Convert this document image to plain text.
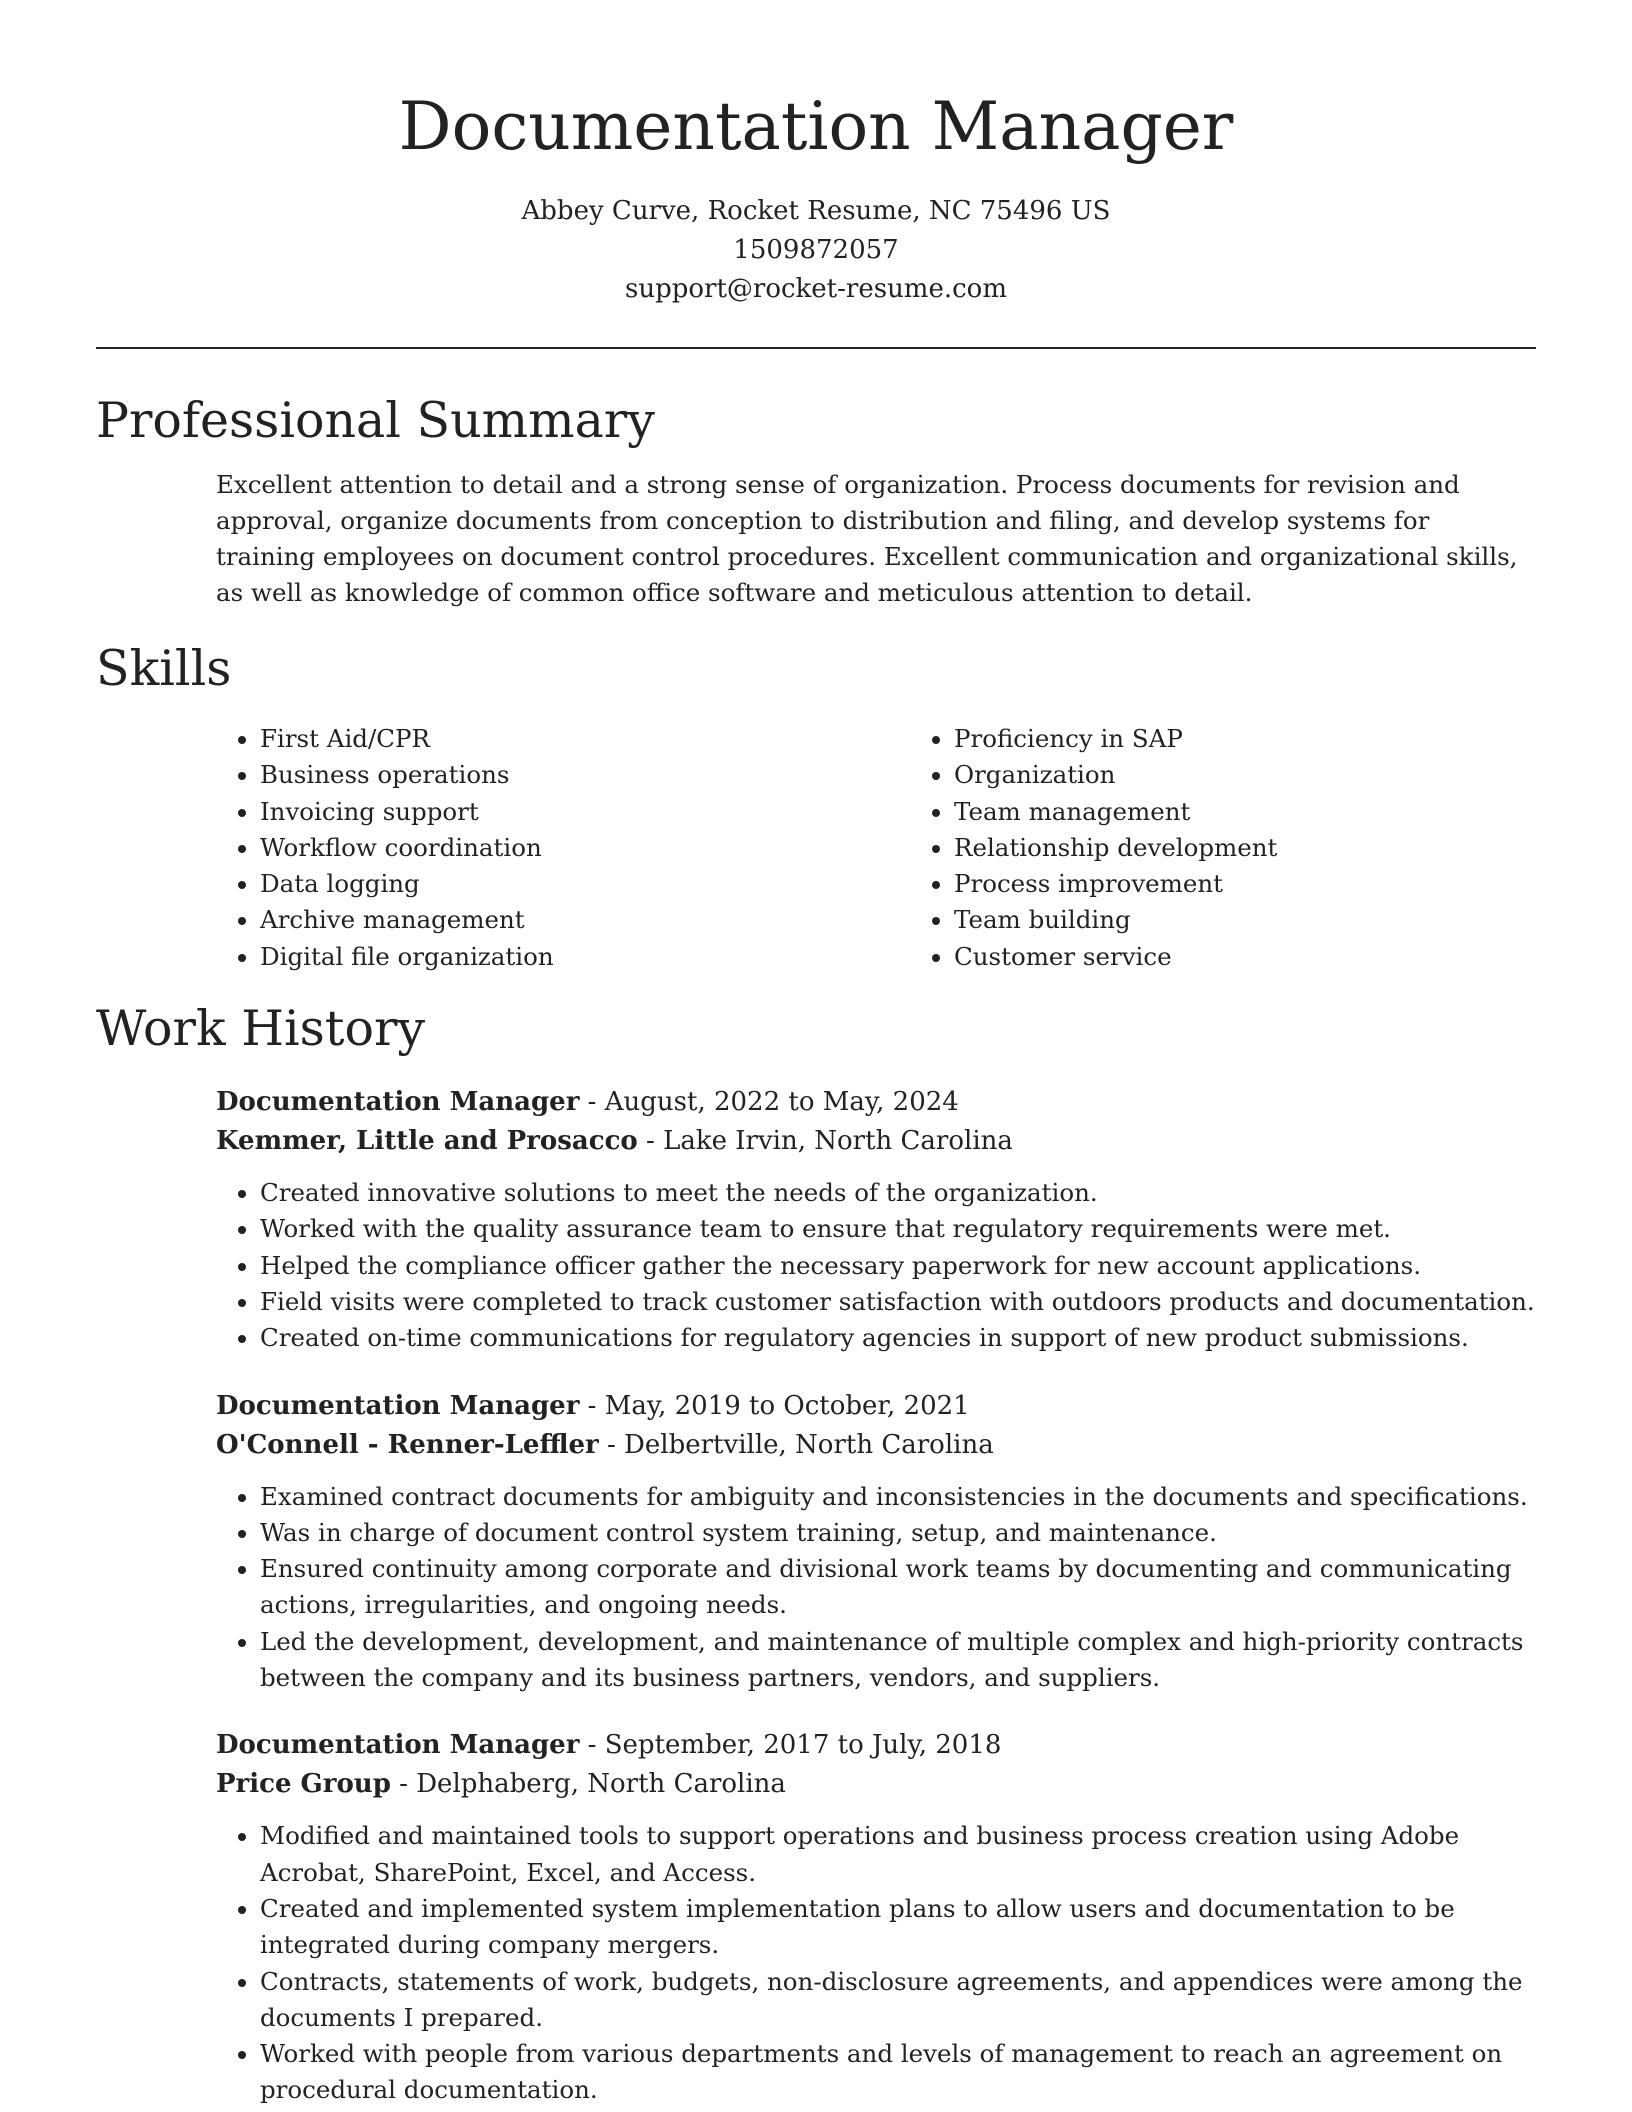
Documentation Manager
Abbey Curve, Rocket Resume, NC 75496 US
1509872057
support@rocket-resume.com
Professional Summary

Excellent attention to detail and a strong sense of organization. Process documents for revision and approval, organize documents from conception to distribution and filing, and develop systems for training employees on document control procedures. Excellent communication and organizational skills, as well as knowledge of common office software and meticulous attention to detail.

Skills
• First Aid/CPR
• Business operations
• Invoicing support
• Workflow coordination
• Data logging
• Archive management
• Digital file organization
• Proficiency in SAP
• Organization
• Team management
• Relationship development
• Process improvement
• Team building
• Customer service
Work History
Documentation Manager - August, 2022 to May, 2024
Kemmer, Little and Prosacco - Lake Irvin, North Carolina
• Created innovative solutions to meet the needs of the organization.
• Worked with the quality assurance team to ensure that regulatory requirements were met.
• Helped the compliance officer gather the necessary paperwork for new account applications.
• Field visits were completed to track customer satisfaction with outdoors products and documentation.
• Created on-time communications for regulatory agencies in support of new product submissions.
Documentation Manager - May, 2019 to October, 2021
O'Connell - Renner-Leffler - Delbertville, North Carolina
• Examined contract documents for ambiguity and inconsistencies in the documents and specifications.
• Was in charge of document control system training, setup, and maintenance.
• Ensured continuity among corporate and divisional work teams by documenting and communicating actions, irregularities, and ongoing needs.
• Led the development, development, and maintenance of multiple complex and high-priority contracts between the company and its business partners, vendors, and suppliers.
Documentation Manager - September, 2017 to July, 2018
Price Group - Delphaberg, North Carolina
• Modified and maintained tools to support operations and business process creation using Adobe Acrobat, SharePoint, Excel, and Access.
• Created and implemented system implementation plans to allow users and documentation to be integrated during company mergers.
• Contracts, statements of work, budgets, non-disclosure agreements, and appendices were among the documents I prepared.
• Worked with people from various departments and levels of management to reach an agreement on procedural documentation.
